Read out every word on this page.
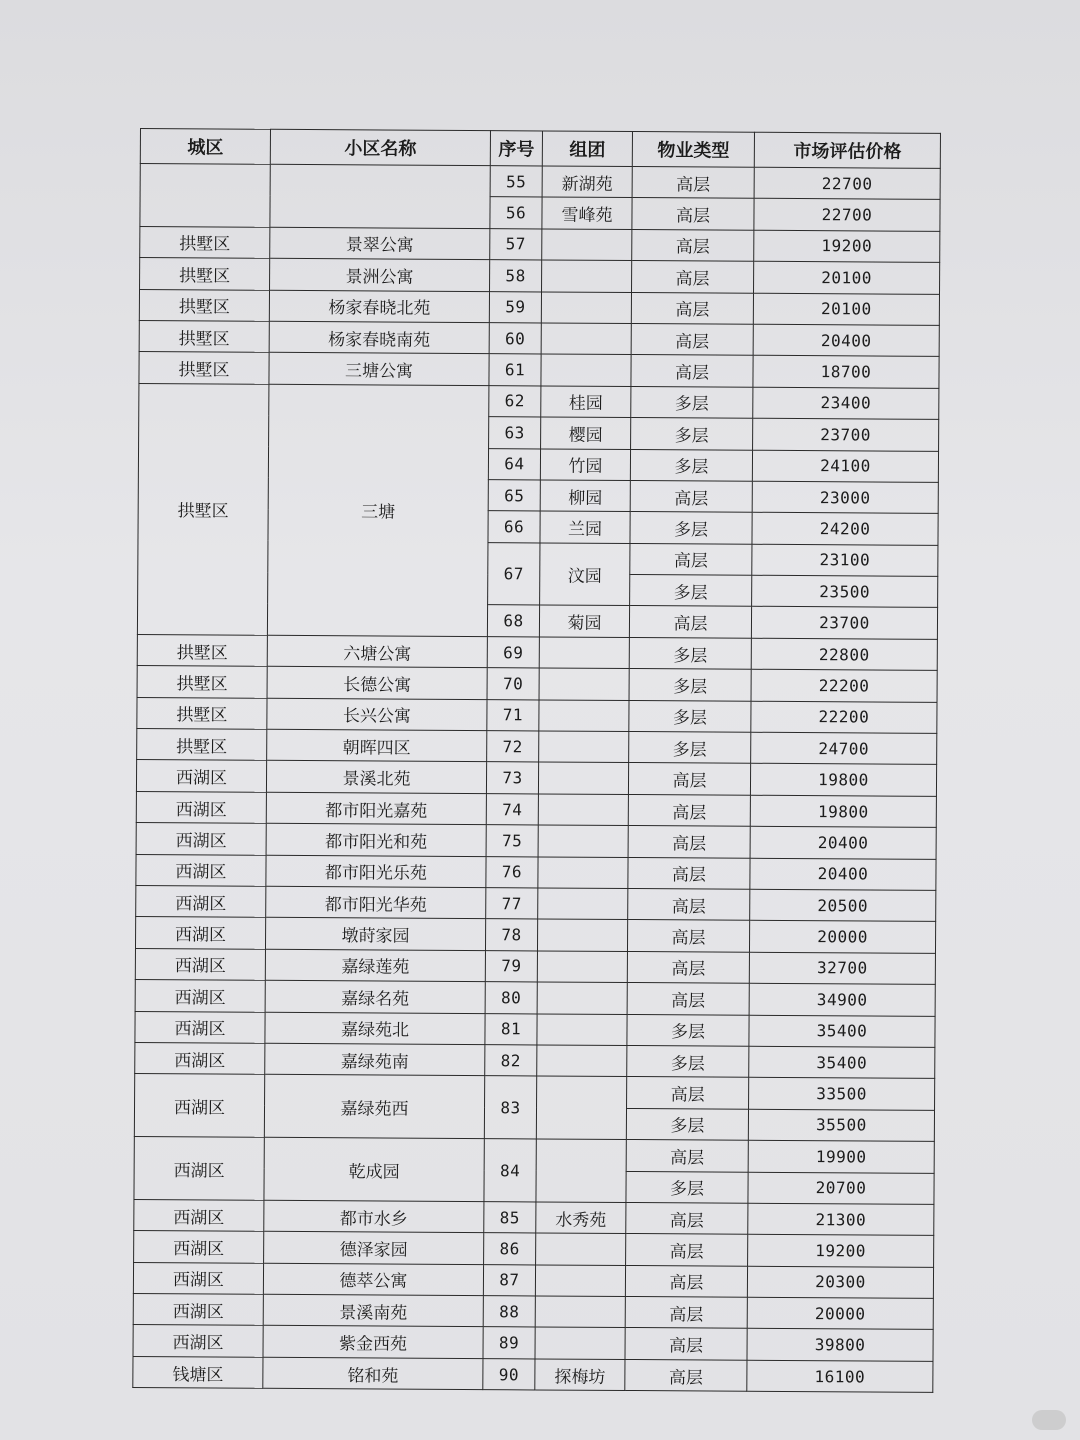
城区	小区名称	序号	组团	物业类型	市场评估价格
		55	新湖苑	高层	22700
		56	雪峰苑	高层	22700
拱墅区	景翠公寓	57		高层	19200
拱墅区	景洲公寓	58		高层	20100
拱墅区	杨家春晓北苑	59		高层	20100
拱墅区	杨家春晓南苑	60		高层	20400
拱墅区	三塘公寓	61		高层	18700
拱墅区	三塘	62	桂园	多层	23400
		63	樱园	多层	23700
		64	竹园	多层	24100
		65	柳园	高层	23000
		66	兰园	多层	24200
		67	汶园	高层	23100
				多层	23500
		68	菊园	高层	23700
拱墅区	六塘公寓	69		多层	22800
拱墅区	长德公寓	70		多层	22200
拱墅区	长兴公寓	71		多层	22200
拱墅区	朝晖四区	72		多层	24700
西湖区	景溪北苑	73		高层	19800
西湖区	都市阳光嘉苑	74		高层	19800
西湖区	都市阳光和苑	75		高层	20400
西湖区	都市阳光乐苑	76		高层	20400
西湖区	都市阳光华苑	77		高层	20500
西湖区	墩莳家园	78		高层	20000
西湖区	嘉绿莲苑	79		高层	32700
西湖区	嘉绿名苑	80		高层	34900
西湖区	嘉绿苑北	81		多层	35400
西湖区	嘉绿苑南	82		多层	35400
西湖区	嘉绿苑西	83		高层	33500
				多层	35500
西湖区	乾成园	84		高层	19900
				多层	20700
西湖区	都市水乡	85	水秀苑	高层	21300
西湖区	德泽家园	86		高层	19200
西湖区	德萃公寓	87		高层	20300
西湖区	景溪南苑	88		高层	20000
西湖区	紫金西苑	89		高层	39800
钱塘区	铭和苑	90	探梅坊	高层	16100
